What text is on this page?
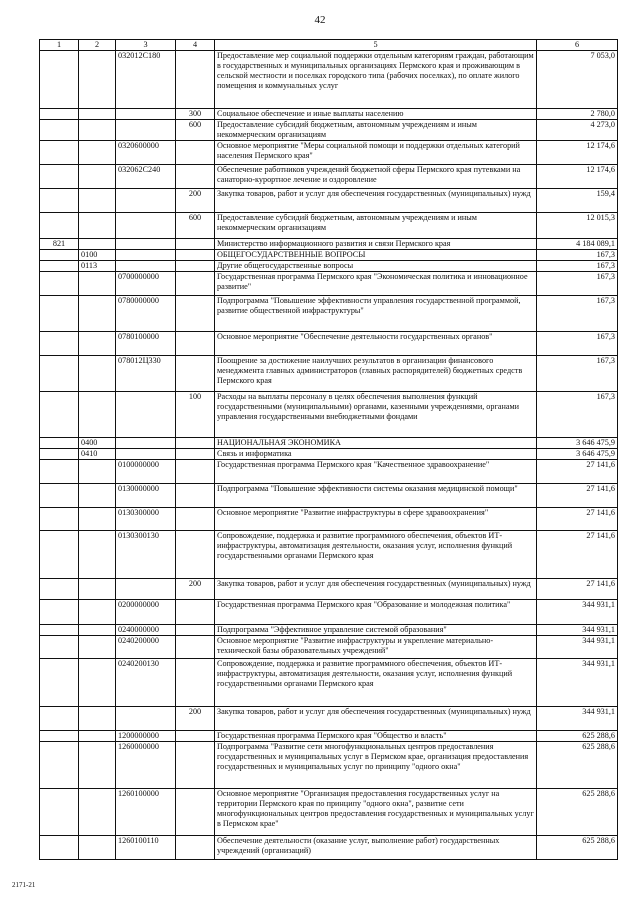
42
1	2	3	4	5	6
		032012С180		Предоставление мер социальной поддержки отдельным категориям граждан, работающим в государственных и муниципальных организациях Пермского края и проживающим в сельской местности и поселках городского типа (рабочих поселках), по оплате жилого помещения и коммунальных услуг	7 053,0
			300	Социальное обеспечение и иные выплаты населению	2 780,0
			600	Предоставление субсидий бюджетным, автономным учреждениям и иным некоммерческим организациям	4 273,0
		0320600000		Основное мероприятие "Меры социальной помощи и поддержки отдельных категорий населения Пермского края"	12 174,6
		032062С240		Обеспечение работников учреждений бюджетной сферы Пермского края путевками на санаторно-курортное лечение и оздоровление	12 174,6
			200	Закупка товаров, работ и услуг для обеспечения государственных (муниципальных) нужд	159,4
			600	Предоставление субсидий бюджетным, автономным учреждениям и иным некоммерческим организациям	12 015,3
821				Министерство информационного развития и связи Пермского края	4 184 089,1
	0100			ОБЩЕГОСУДАРСТВЕННЫЕ ВОПРОСЫ	167,3
	0113			Другие общегосударственные вопросы	167,3
		0700000000		Государственная программа Пермского края "Экономическая политика и инновационное развитие"	167,3
		0780000000		Подпрограмма "Повышение эффективности управления государственной программой, развитие общественной инфраструктуры"	167,3
		0780100000		Основное мероприятие "Обеспечение деятельности государственных органов"	167,3
		078012Ц330		Поощрение за достижение наилучших результатов в организации финансового менеджмента главных администраторов (главных распорядителей) бюджетных средств Пермского края	167,3
			100	Расходы на выплаты персоналу в целях обеспечения выполнения функций государственными (муниципальными) органами, казенными учреждениями, органами управления государственными внебюджетными фондами	167,3
	0400			НАЦИОНАЛЬНАЯ ЭКОНОМИКА	3 646 475,9
	0410			Связь и информатика	3 646 475,9
		0100000000		Государственная программа Пермского края "Качественное здравоохранение"	27 141,6
		0130000000		Подпрограмма "Повышение эффективности системы оказания медицинской помощи"	27 141,6
		0130300000		Основное мероприятие "Развитие инфраструктуры в сфере здравоохранения"	27 141,6
		0130300130		Сопровождение, поддержка и развитие программного обеспечения, объектов ИТ-инфраструктуры, автоматизация деятельности, оказания услуг, исполнения функций государственными органами Пермского края	27 141,6
			200	Закупка товаров, работ и услуг для обеспечения государственных (муниципальных) нужд	27 141,6
		0200000000		Государственная программа Пермского края "Образование и молодежная политика"	344 931,1
		0240000000		Подпрограмма "Эффективное управление системой образования"	344 931,1
		0240200000		Основное мероприятие "Развитие инфраструктуры и укрепление материально-технической базы образовательных учреждений"	344 931,1
		0240200130		Сопровождение, поддержка и развитие программного обеспечения, объектов ИТ-инфраструктуры, автоматизация деятельности, оказания услуг, исполнения функций государственными органами Пермского края	344 931,1
			200	Закупка товаров, работ и услуг для обеспечения государственных (муниципальных) нужд	344 931,1
		1200000000		Государственная программа Пермского края "Общество и власть"	625 288,6
		1260000000		Подпрограмма "Развитие сети многофункциональных центров предоставления государственных и муниципальных услуг в Пермском крае, организация предоставления государственных и муниципальных услуг по принципу "одного окна"	625 288,6
		1260100000		Основное мероприятие "Организация предоставления государственных услуг на территории Пермского края по принципу "одного окна", развитие сети многофункциональных центров предоставления государственных и муниципальных услуг в Пермском крае"	625 288,6
		1260100110		Обеспечение деятельности (оказание услуг, выполнение работ) государственных учреждений (организаций)	625 288,6
2171-21
